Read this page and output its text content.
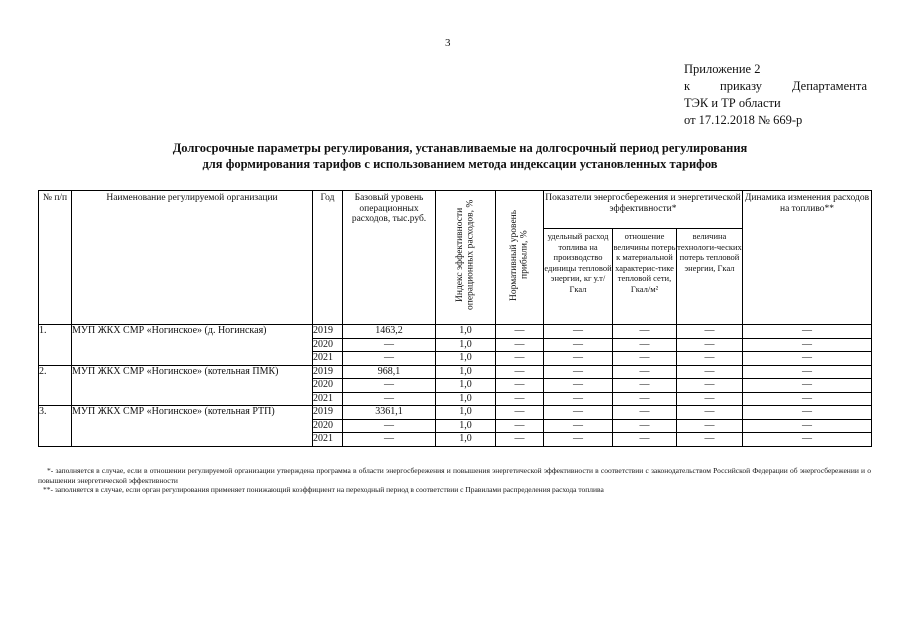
3
Приложение 2
к приказу Департамента
ТЭК и ТР области
от 17.12.2018 № 669-р
Долгосрочные параметры регулирования, устанавливаемые на долгосрочный период регулирования
для формирования тарифов с использованием метода индексации установленных тарифов
№ п/п	Наименование регулируемой организации	Год	Базовый уровень операционных расходов, тыс.руб.	Индекс эффективности операционных расходов, %	Нормативный уровень прибыли, %	Показатели энергосбережения и энергетической эффективности*			Динамика изменения расходов на топливо**

						удельный расход топлива на производство единицы тепловой энергии, кг у.т/Гкал	отношение величины потерь к материальной характерис-тике тепловой сети, Гкал/м²	величина технологи-ческих потерь тепловой энергии, Гкал	

1.	МУП ЖКХ СМР «Ногинское» (д. Ногинская)	2019	1463,2	1,0	—	—	—	—	—
		2020	—	1,0	—	—	—	—	—
		2021	—	1,0	—	—	—	—	—
2.	МУП ЖКХ СМР «Ногинское» (котельная ПМК)	2019	968,1	1,0	—	—	—	—	—
		2020	—	1,0	—	—	—	—	—
		2021	—	1,0	—	—	—	—	—
3.	МУП ЖКХ СМР «Ногинское» (котельная РТП)	2019	3361,1	1,0	—	—	—	—	—
		2020	—	1,0	—	—	—	—	—
		2021	—	1,0	—	—	—	—	—
*- заполняется в случае, если в отношении регулируемой организации утверждена программа в области энергосбережения и повышения энергетической эффективности в соответствии с законодательством Российской Федерации об энергосбережении и о повышении энергетической эффективности
**- заполняется в случае, если орган регулирования применяет понижающий коэффициент на переходный период в соответствии с Правилами распределения расхода топлива
